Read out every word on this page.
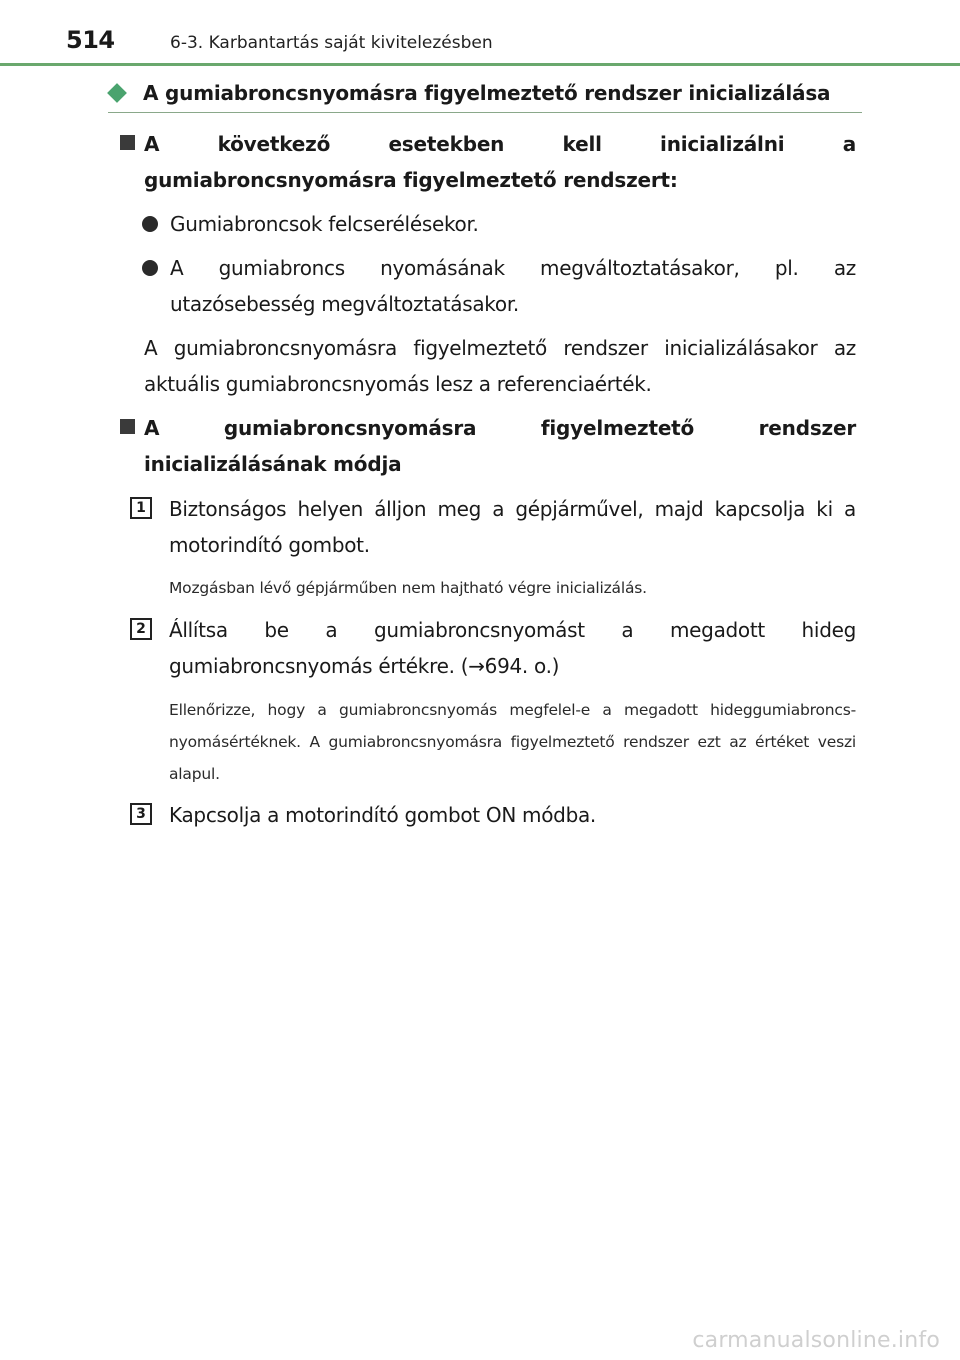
514	6-3. Karbantartás saját kivitelezésben
A gumiabroncsnyomásra figyelmeztető rendszer inicializálása
A következő esetekben kell inicializálni a gumiabroncsnyomásra figyelmeztető rendszert:
Gumiabroncsok felcserélésekor.
A gumiabroncs nyomásának megváltoztatásakor, pl. az utazósebesség megváltoztatásakor.
A gumiabroncsnyomásra figyelmeztető rendszer inicializálásakor az aktuális gumiabroncsnyomás lesz a referenciaérték.
A gumiabroncsnyomásra figyelmeztető rendszer inicializálásának módja
1	Biztonságos helyen álljon meg a gépjárművel, majd kapcsolja ki a motorindító gombot.
Mozgásban lévő gépjárműben nem hajtható végre inicializálás.
2	Állítsa be a gumiabroncsnyomást a megadott hideg gumiabroncsnyomás értékre. (→694. o.)
Ellenőrizze, hogy a gumiabroncsnyomás megfelel-e a megadott hideggumiabroncs-nyomásértéknek. A gumiabroncsnyomásra figyelmeztető rendszer ezt az értéket veszi alapul.
3	Kapcsolja a motorindító gombot ON módba.
carmanualsonline.info
